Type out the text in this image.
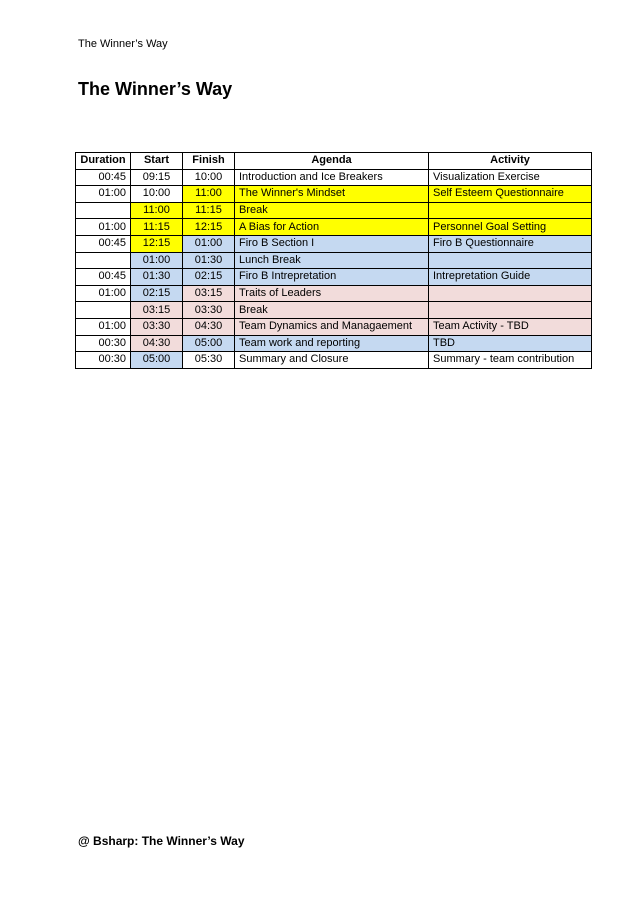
The Winner’s Way
The Winner’s Way
Duration	Start	Finish	Agenda	Activity
00:45	09:15	10:00	Introduction and Ice Breakers	Visualization Exercise
01:00	10:00	11:00	The Winner's Mindset	Self Esteem Questionnaire
	11:00	11:15	Break	
01:00	11:15	12:15	A Bias for Action	Personnel Goal Setting
00:45	12:15	01:00	Firo B Section I	Firo B Questionnaire
	01:00	01:30	Lunch Break	
00:45	01:30	02:15	Firo B Intrepretation	Intrepretation Guide
01:00	02:15	03:15	Traits of Leaders	
	03:15	03:30	Break	
01:00	03:30	04:30	Team Dynamics and Managaement	Team Activity - TBD
00:30	04:30	05:00	Team work and reporting	TBD
00:30	05:00	05:30	Summary and Closure	Summary - team contribution
@ Bsharp: The Winner’s Way
